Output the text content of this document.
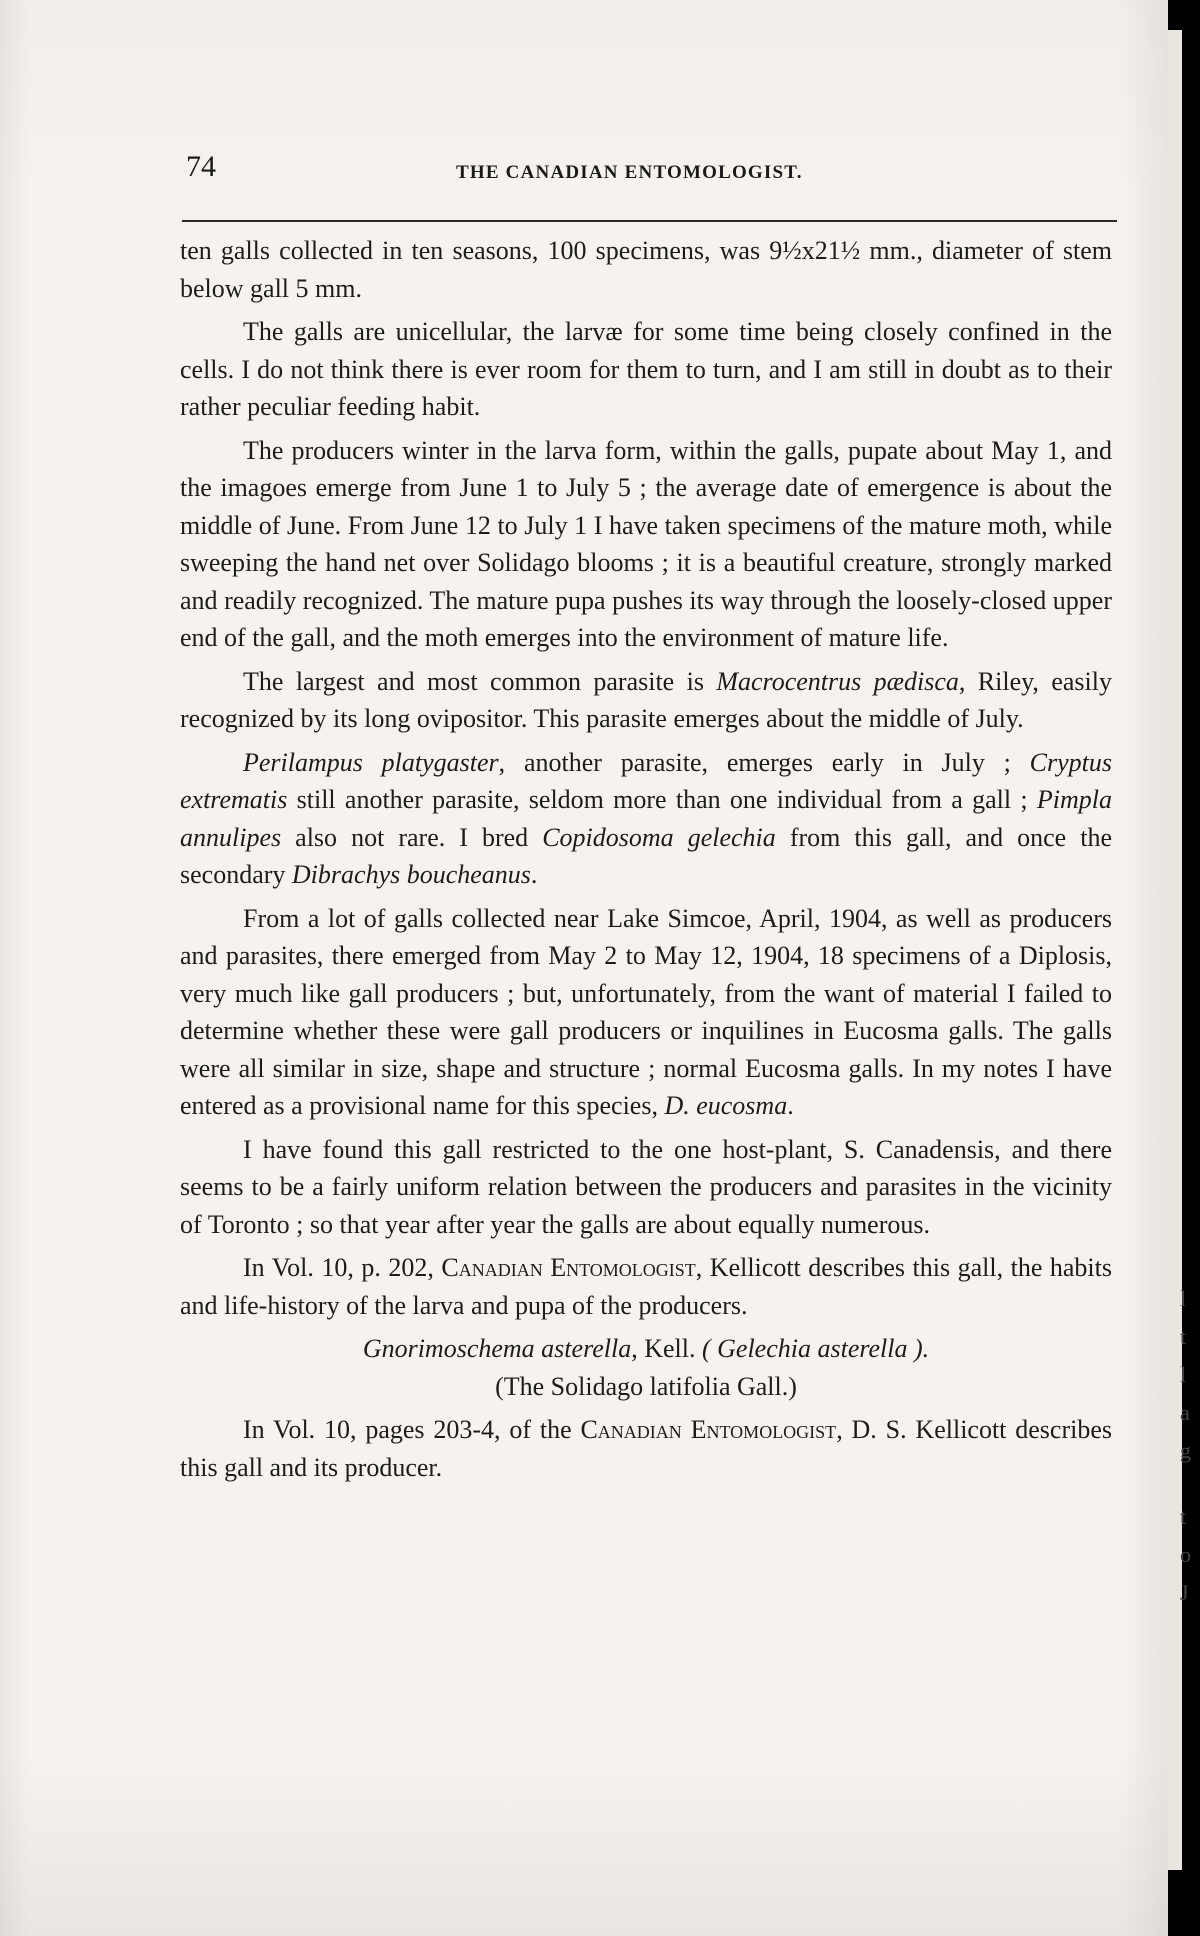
74	THE CANADIAN ENTOMOLOGIST.

ten galls collected in ten seasons, 100 specimens, was 9½x21½ mm., diameter of stem below gall 5 mm.

The galls are unicellular, the larvæ for some time being closely confined in the cells. I do not think there is ever room for them to turn, and I am still in doubt as to their rather peculiar feeding habit.

The producers winter in the larva form, within the galls, pupate about May 1, and the imagoes emerge from June 1 to July 5 ; the average date of emergence is about the middle of June. From June 12 to July 1 I have taken specimens of the mature moth, while sweeping the hand net over Solidago blooms ; it is a beautiful creature, strongly marked and readily recognized. The mature pupa pushes its way through the loosely-closed upper end of the gall, and the moth emerges into the environment of mature life.

The largest and most common parasite is Macrocentrus pædisca, Riley, easily recognized by its long ovipositor. This parasite emerges about the middle of July.

Perilampus platygaster, another parasite, emerges early in July ; Cryptus extrematis still another parasite, seldom more than one individual from a gall ; Pimpla annulipes also not rare. I bred Copidosoma gelechia from this gall, and once the secondary Dibrachys boucheanus.

From a lot of galls collected near Lake Simcoe, April, 1904, as well as producers and parasites, there emerged from May 2 to May 12, 1904, 18 specimens of a Diplosis, very much like gall producers ; but, unfortunately, from the want of material I failed to determine whether these were gall producers or inquilines in Eucosma galls. The galls were all similar in size, shape and structure ; normal Eucosma galls. In my notes I have entered as a provisional name for this species, D. eucosma.

I have found this gall restricted to the one host-plant, S. Canadensis, and there seems to be a fairly uniform relation between the producers and parasites in the vicinity of Toronto ; so that year after year the galls are about equally numerous.

In Vol. 10, p. 202, Canadian Entomologist, Kellicott describes this gall, the habits and life-history of the larva and pupa of the producers.

Gnorimoschema asterella, Kell. ( Gelechia asterella ).

(The Solidago latifolia Gall.)

In Vol. 10, pages 203-4, of the Canadian Entomologist, D. S. Kellicott describes this gall and its producer.

l
t
l
a
g
t
o
J
